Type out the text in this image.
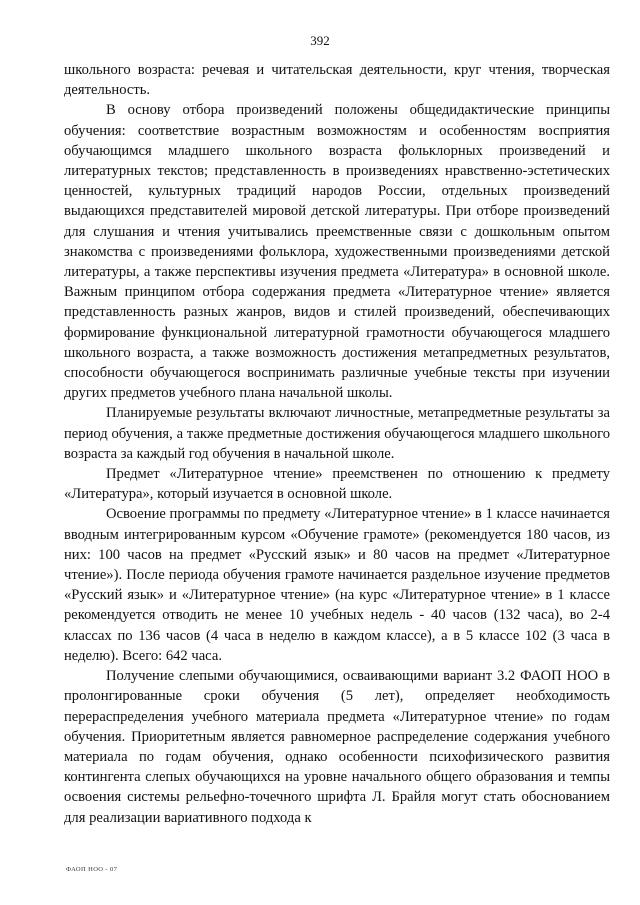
392

школьного возраста: речевая и читательская деятельности, круг чтения, творческая деятельность.

В основу отбора произведений положены общедидактические принципы обучения: соответствие возрастным возможностям и особенностям восприятия обучающимся младшего школьного возраста фольклорных произведений и литературных текстов; представленность в произведениях нравственно-эстетических ценностей, культурных традиций народов России, отдельных произведений выдающихся представителей мировой детской литературы. При отборе произведений для слушания и чтения учитывались преемственные связи с дошкольным опытом знакомства с произведениями фольклора, художественными произведениями детской литературы, а также перспективы изучения предмета «Литература» в основной школе. Важным принципом отбора содержания предмета «Литературное чтение» является представленность разных жанров, видов и стилей произведений, обеспечивающих формирование функциональной литературной грамотности обучающегося младшего школьного возраста, а также возможность достижения метапредметных результатов, способности обучающегося воспринимать различные учебные тексты при изучении других предметов учебного плана начальной школы.

Планируемые результаты включают личностные, метапредметные результаты за период обучения, а также предметные достижения обучающегося младшего школьного возраста за каждый год обучения в начальной школе.

Предмет «Литературное чтение» преемственен по отношению к предмету «Литература», который изучается в основной школе.

Освоение программы по предмету «Литературное чтение» в 1 классе начинается вводным интегрированным курсом «Обучение грамоте» (рекомендуется 180 часов, из них: 100 часов на предмет «Русский язык» и 80 часов на предмет «Литературное чтение»). После периода обучения грамоте начинается раздельное изучение предметов «Русский язык» и «Литературное чтение» (на курс «Литературное чтение» в 1 классе рекомендуется отводить не менее 10 учебных недель - 40 часов (132 часа), во 2-4 классах по 136 часов (4 часа в неделю в каждом классе), а в 5 классе 102 (3 часа в неделю). Всего: 642 часа.

Получение слепыми обучающимися, осваивающими вариант 3.2 ФАОП НОО в пролонгированные сроки обучения (5 лет), определяет необходимость перераспределения учебного материала предмета «Литературное чтение» по годам обучения. Приоритетным является равномерное распределение содержания учебного материала по годам обучения, однако особенности психофизического развития контингента слепых обучающихся на уровне начального общего образования и темпы освоения системы рельефно-точечного шрифта Л. Брайля могут стать обоснованием для реализации вариативного подхода к

ФАОП НОО - 07
